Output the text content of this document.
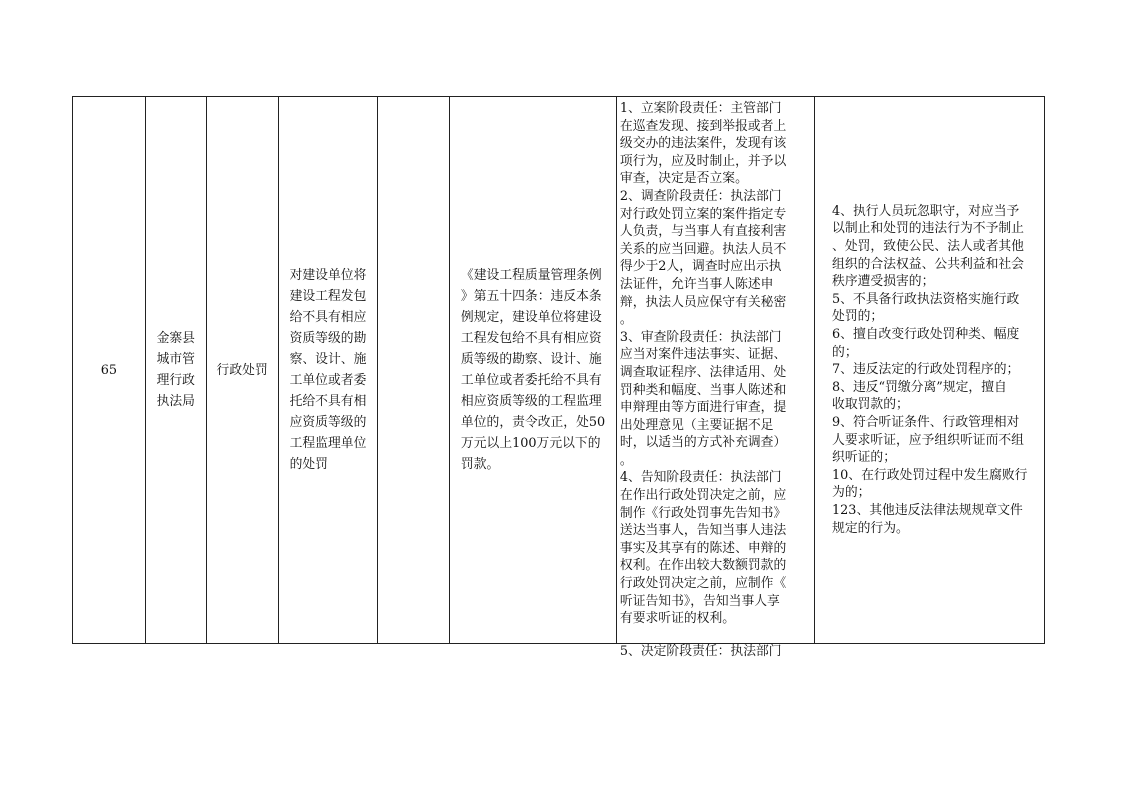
65
金寨县
城市管
理行政
执法局
行政处罚
对建设单位将
建设工程发包
给不具有相应
资质等级的勘
察、设计、施
工单位或者委
托给不具有相
应资质等级的
工程监理单位
的处罚
《建设工程质量管理条例
》第五十四条：违反本条
例规定，建设单位将建设
工程发包给不具有相应资
质等级的勘察、设计、施
工单位或者委托给不具有
相应资质等级的工程监理
单位的，责令改正，处50
万元以上100万元以下的
罚款。
1、立案阶段责任：主管部门
在巡查发现、接到举报或者上
级交办的违法案件，发现有该
项行为，应及时制止，并予以
审查，决定是否立案。
2、调查阶段责任：执法部门
对行政处罚立案的案件指定专
人负责，与当事人有直接利害
关系的应当回避。执法人员不
得少于2人，调查时应出示执
法证件，允许当事人陈述申
辩，执法人员应保守有关秘密
。
3、审查阶段责任：执法部门
应当对案件违法事实、证据、
调查取证程序、法律适用、处
罚种类和幅度、当事人陈述和
申辩理由等方面进行审查，提
出处理意见（主要证据不足
时，以适当的方式补充调查）
。
4、告知阶段责任：执法部门
在作出行政处罚决定之前，应
制作《行政处罚事先告知书》
送达当事人，告知当事人违法
事实及其享有的陈述、申辩的
权利。在作出较大数额罚款的
行政处罚决定之前，应制作《
听证告知书》，告知当事人享
有要求听证的权利。
5、决定阶段责任：执法部门
4、执行人员玩忽职守，对应当予
以制止和处罚的违法行为不予制止
、处罚，致使公民、法人或者其他
组织的合法权益、公共利益和社会
秩序遭受损害的；
5、不具备行政执法资格实施行政
处罚的；
6、擅自改变行政处罚种类、幅度
的；
7、违反法定的行政处罚程序的；
8、违反“罚缴分离”规定，擅自
收取罚款的；
9、符合听证条件、行政管理相对
人要求听证，应予组织听证而不组
织听证的；
10、在行政处罚过程中发生腐败行
为的；
123、其他违反法律法规规章文件
规定的行为。
